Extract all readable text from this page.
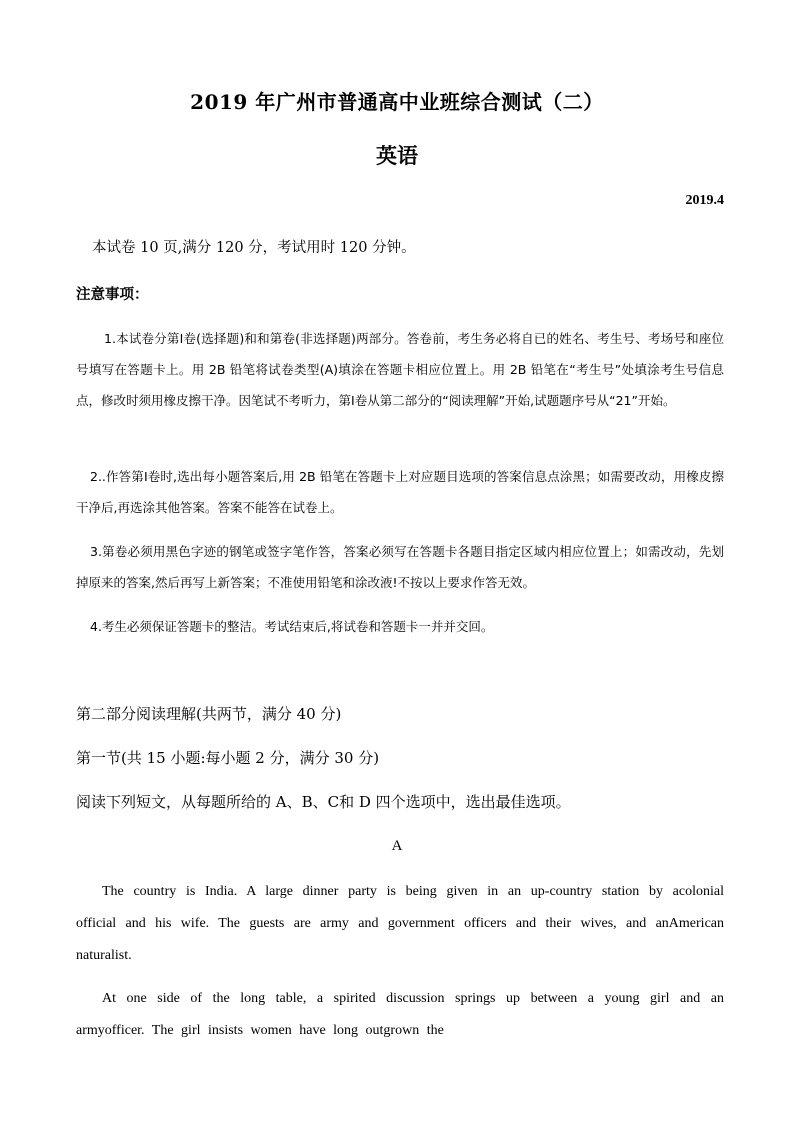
2019 年广州市普通高中业班综合测试（二）
英语
2019.4
本试卷 10 页,满分 120 分，考试用时 120 分钟。
注意事项：
1.本试卷分第Ⅰ卷(选择题)和和第卷(非选择题)两部分。答卷前，考生务必将自已的姓名、考生号、考场号和座位号填写在答题卡上。用 2B 铅笔将试卷类型(A)填涂在答题卡相应位置上。用 2B 铅笔在“考生号”处填涂考生号信息点，修改时须用橡皮擦干净。因笔试不考听力，第Ⅰ卷从第二部分的“阅读理解”开始,试题题序号从“21”开始。
2..作答第Ⅰ卷时,选出每小题答案后,用 2B 铅笔在答题卡上对应题目选项的答案信息点涂黑；如需要改动，用橡皮擦干净后,再选涂其他答案。答案不能答在试卷上。
3.第卷必须用黑色字迹的钢笔或签字笔作答，答案必须写在答题卡各题目指定区域内相应位置上；如需改动，先划掉原来的答案,然后再写上新答案；不准使用铅笔和涂改液!不按以上要求作答无效。
4.考生必须保证答题卡的整洁。考试结束后,将试卷和答题卡一并并交回。
第二部分阅读理解(共两节，满分 40 分)
第一节(共 15 小题:每小题 2 分，满分 30 分)
阅读下列短文，从每题所给的 A、B、C和 D 四个选项中，选出最佳选项。
A
The country is India. A large dinner party is being given in an up-country station by acolonial official and his wife. The guests are army and government officers and their wives, and anAmerican naturalist.
At one side of the long table, a spirited discussion springs up between a young girl and an armyofficer. The girl insists women have long outgrown the
